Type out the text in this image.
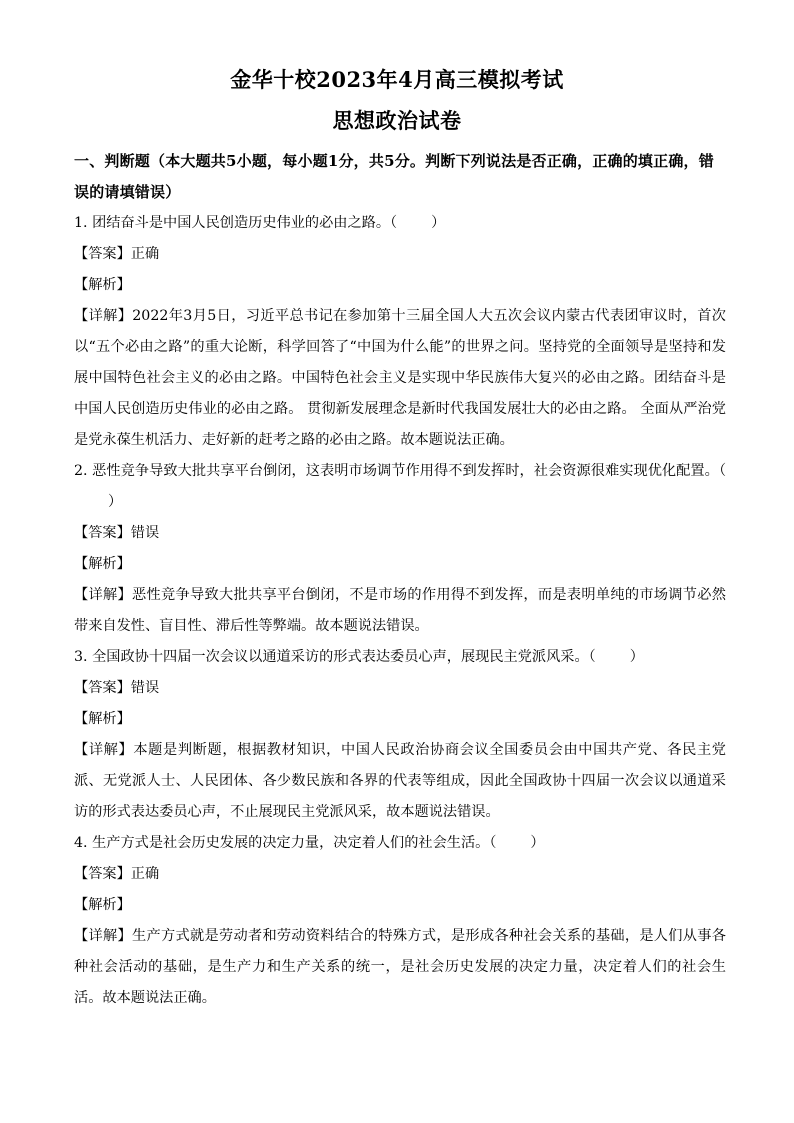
金华十校2023年4月高三模拟考试
思想政治试卷

一、判断题（本大题共5小题，每小题1分，共5分。判断下列说法是否正确，正确的填正确，错误的请填错误）

1. 团结奋斗是中国人民创造历史伟业的必由之路。（ ）

【答案】正确

【解析】

【详解】2022年3月5日，习近平总书记在参加第十三届全国人大五次会议内蒙古代表团审议时，首次以“五个必由之路”的重大论断，科学回答了“中国为什么能”的世界之问。坚持党的全面领导是坚持和发展中国特色社会主义的必由之路。中国特色社会主义是实现中华民族伟大复兴的必由之路。团结奋斗是中国人民创造历史伟业的必由之路。 贯彻新发展理念是新时代我国发展壮大的必由之路。 全面从严治党是党永葆生机活力、走好新的赶考之路的必由之路。故本题说法正确。

2. 恶性竞争导致大批共享平台倒闭，这表明市场调节作用得不到发挥时，社会资源很难实现优化配置。（）

【答案】错误

【解析】

【详解】恶性竞争导致大批共享平台倒闭，不是市场的作用得不到发挥，而是表明单纯的市场调节必然带来自发性、盲目性、滞后性等弊端。故本题说法错误。

3. 全国政协十四届一次会议以通道采访的形式表达委员心声，展现民主党派风采。（ ）

【答案】错误

【解析】

【详解】本题是判断题，根据教材知识，中国人民政治协商会议全国委员会由中国共产党、各民主党派、无党派人士、人民团体、各少数民族和各界的代表等组成，因此全国政协十四届一次会议以通道采访的形式表达委员心声，不止展现民主党派风采，故本题说法错误。

4. 生产方式是社会历史发展的决定力量，决定着人们的社会生活。（ ）

【答案】正确

【解析】

【详解】生产方式就是劳动者和劳动资料结合的特殊方式，是形成各种社会关系的基础，是人们从事各种社会活动的基础，是生产力和生产关系的统一，是社会历史发展的决定力量，决定着人们的社会生活。故本题说法正确。
